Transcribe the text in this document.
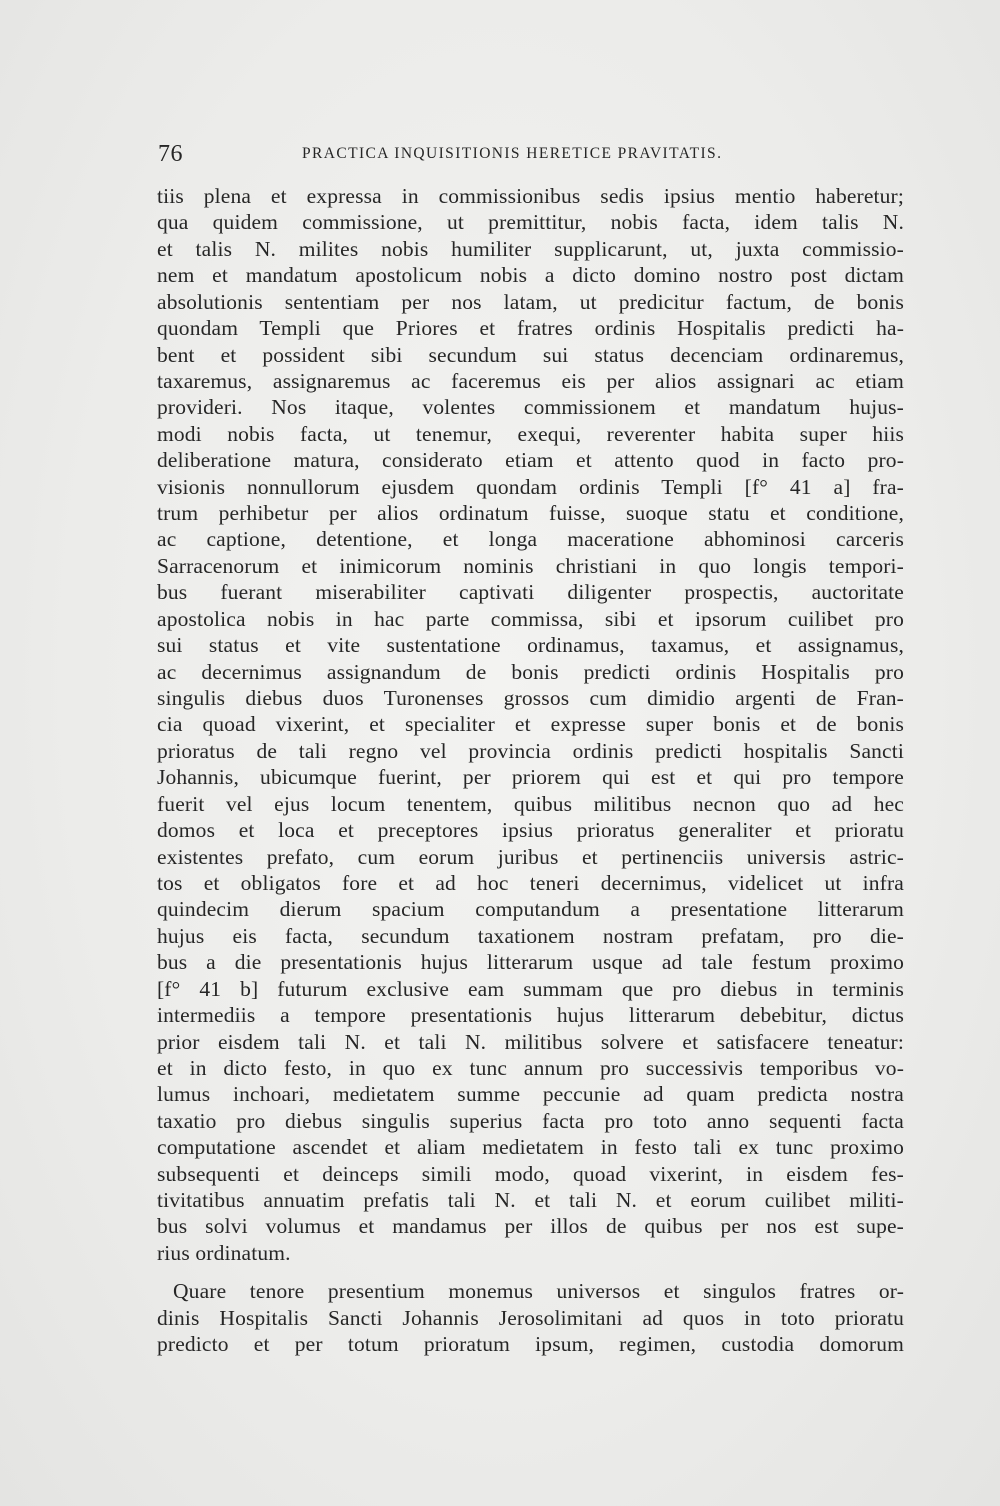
76	PRACTICA INQUISITIONIS HERETICE PRAVITATIS.
tiis plena et expressa in commissionibus sedis ipsius mentio haberetur;
qua quidem commissione, ut premittitur, nobis facta, idem talis N.
et talis N. milites nobis humiliter supplicarunt, ut, juxta commissio-
nem et mandatum apostolicum nobis a dicto domino nostro post dictam
absolutionis sententiam per nos latam, ut predicitur factum, de bonis
quondam Templi que Priores et fratres ordinis Hospitalis predicti ha-
bent et possident sibi secundum sui status decenciam ordinaremus,
taxaremus, assignaremus ac faceremus eis per alios assignari ac etiam
provideri. Nos itaque, volentes commissionem et mandatum hujus-
modi nobis facta, ut tenemur, exequi, reverenter habita super hiis
deliberatione matura, considerato etiam et attento quod in facto pro-
visionis nonnullorum ejusdem quondam ordinis Templi [f° 41 a] fra-
trum perhibetur per alios ordinatum fuisse, suoque statu et conditione,
ac captione, detentione, et longa maceratione abhominosi carceris
Sarracenorum et inimicorum nominis christiani in quo longis tempori-
bus fuerant miserabiliter captivati diligenter prospectis, auctoritate
apostolica nobis in hac parte commissa, sibi et ipsorum cuilibet pro
sui status et vite sustentatione ordinamus, taxamus, et assignamus,
ac decernimus assignandum de bonis predicti ordinis Hospitalis pro
singulis diebus duos Turonenses grossos cum dimidio argenti de Fran-
cia quoad vixerint, et specialiter et expresse super bonis et de bonis
prioratus de tali regno vel provincia ordinis predicti hospitalis Sancti
Johannis, ubicumque fuerint, per priorem qui est et qui pro tempore
fuerit vel ejus locum tenentem, quibus militibus necnon quo ad hec
domos et loca et preceptores ipsius prioratus generaliter et prioratu
existentes prefato, cum eorum juribus et pertinenciis universis astric-
tos et obligatos fore et ad hoc teneri decernimus, videlicet ut infra
quindecim dierum spacium computandum a presentatione litterarum
hujus eis facta, secundum taxationem nostram prefatam, pro die-
bus a die presentationis hujus litterarum usque ad tale festum proximo
[f° 41 b] futurum exclusive eam summam que pro diebus in terminis
intermediis a tempore presentationis hujus litterarum debebitur, dictus
prior eisdem tali N. et tali N. militibus solvere et satisfacere teneatur:
et in dicto festo, in quo ex tunc annum pro successivis temporibus vo-
lumus inchoari, medietatem summe peccunie ad quam predicta nostra
taxatio pro diebus singulis superius facta pro toto anno sequenti facta
computatione ascendet et aliam medietatem in festo tali ex tunc proximo
subsequenti et deinceps simili modo, quoad vixerint, in eisdem fes-
tivitatibus annuatim prefatis tali N. et tali N. et eorum cuilibet militi-
bus solvi volumus et mandamus per illos de quibus per nos est supe-
rius ordinatum.
Quare tenore presentium monemus universos et singulos fratres or-
dinis Hospitalis Sancti Johannis Jerosolimitani ad quos in toto prioratu
predicto et per totum prioratum ipsum, regimen, custodia domorum
